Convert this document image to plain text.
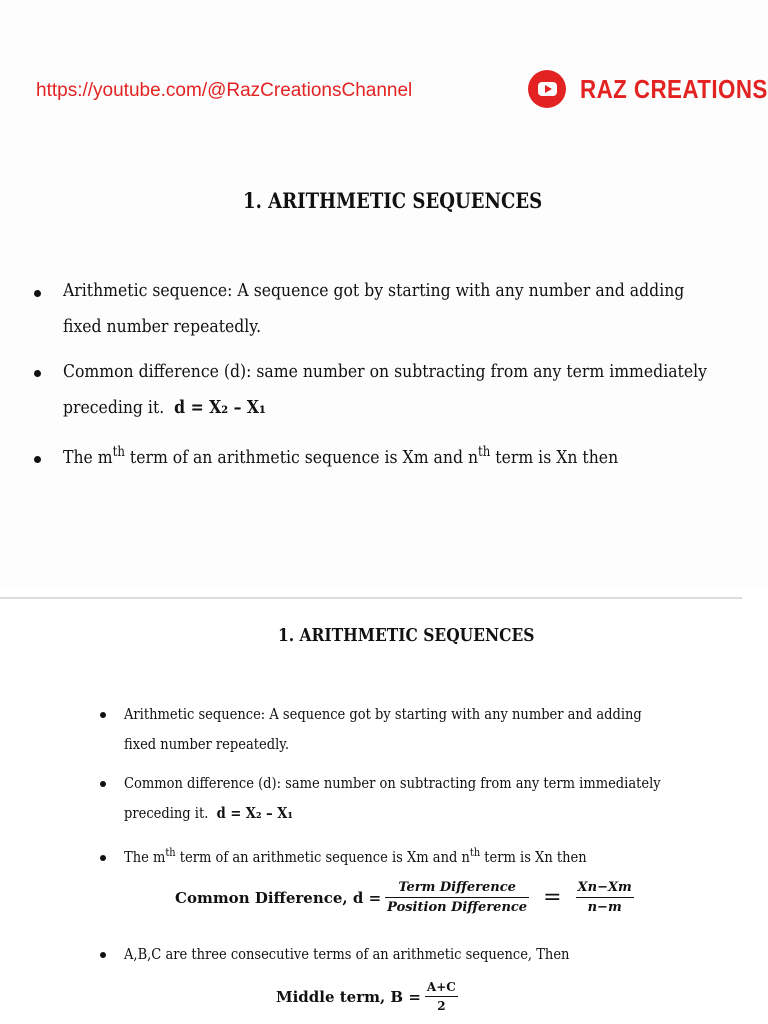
https://youtube.com/@RazCreationsChannel	RAZ CREATIONS
1. ARITHMETIC SEQUENCES
Arithmetic sequence: A sequence got by starting with any number and adding
fixed number repeatedly.
Common difference (d): same number on subtracting from any term immediately
preceding it. d = X₂ – X₁
The $m^{th}$ term of an arithmetic sequence is Xm and $n^{th}$ term is Xn then
1. ARITHMETIC SEQUENCES
Arithmetic sequence: A sequence got by starting with any number and adding
fixed number repeatedly.
Common difference (d): same number on subtracting from any term immediately
preceding it. d = X₂ – X₁
The $m^{th}$ term of an arithmetic sequence is Xm and $n^{th}$ term is Xn then
Common Difference, $d = \frac{\text{Term Difference}}{\text{Position Difference}} = \frac{Xn-Xm}{n-m}$
A,B,C are three consecutive terms of an arithmetic sequence, Then
Middle term, $B = \frac{A+C}{2}$
